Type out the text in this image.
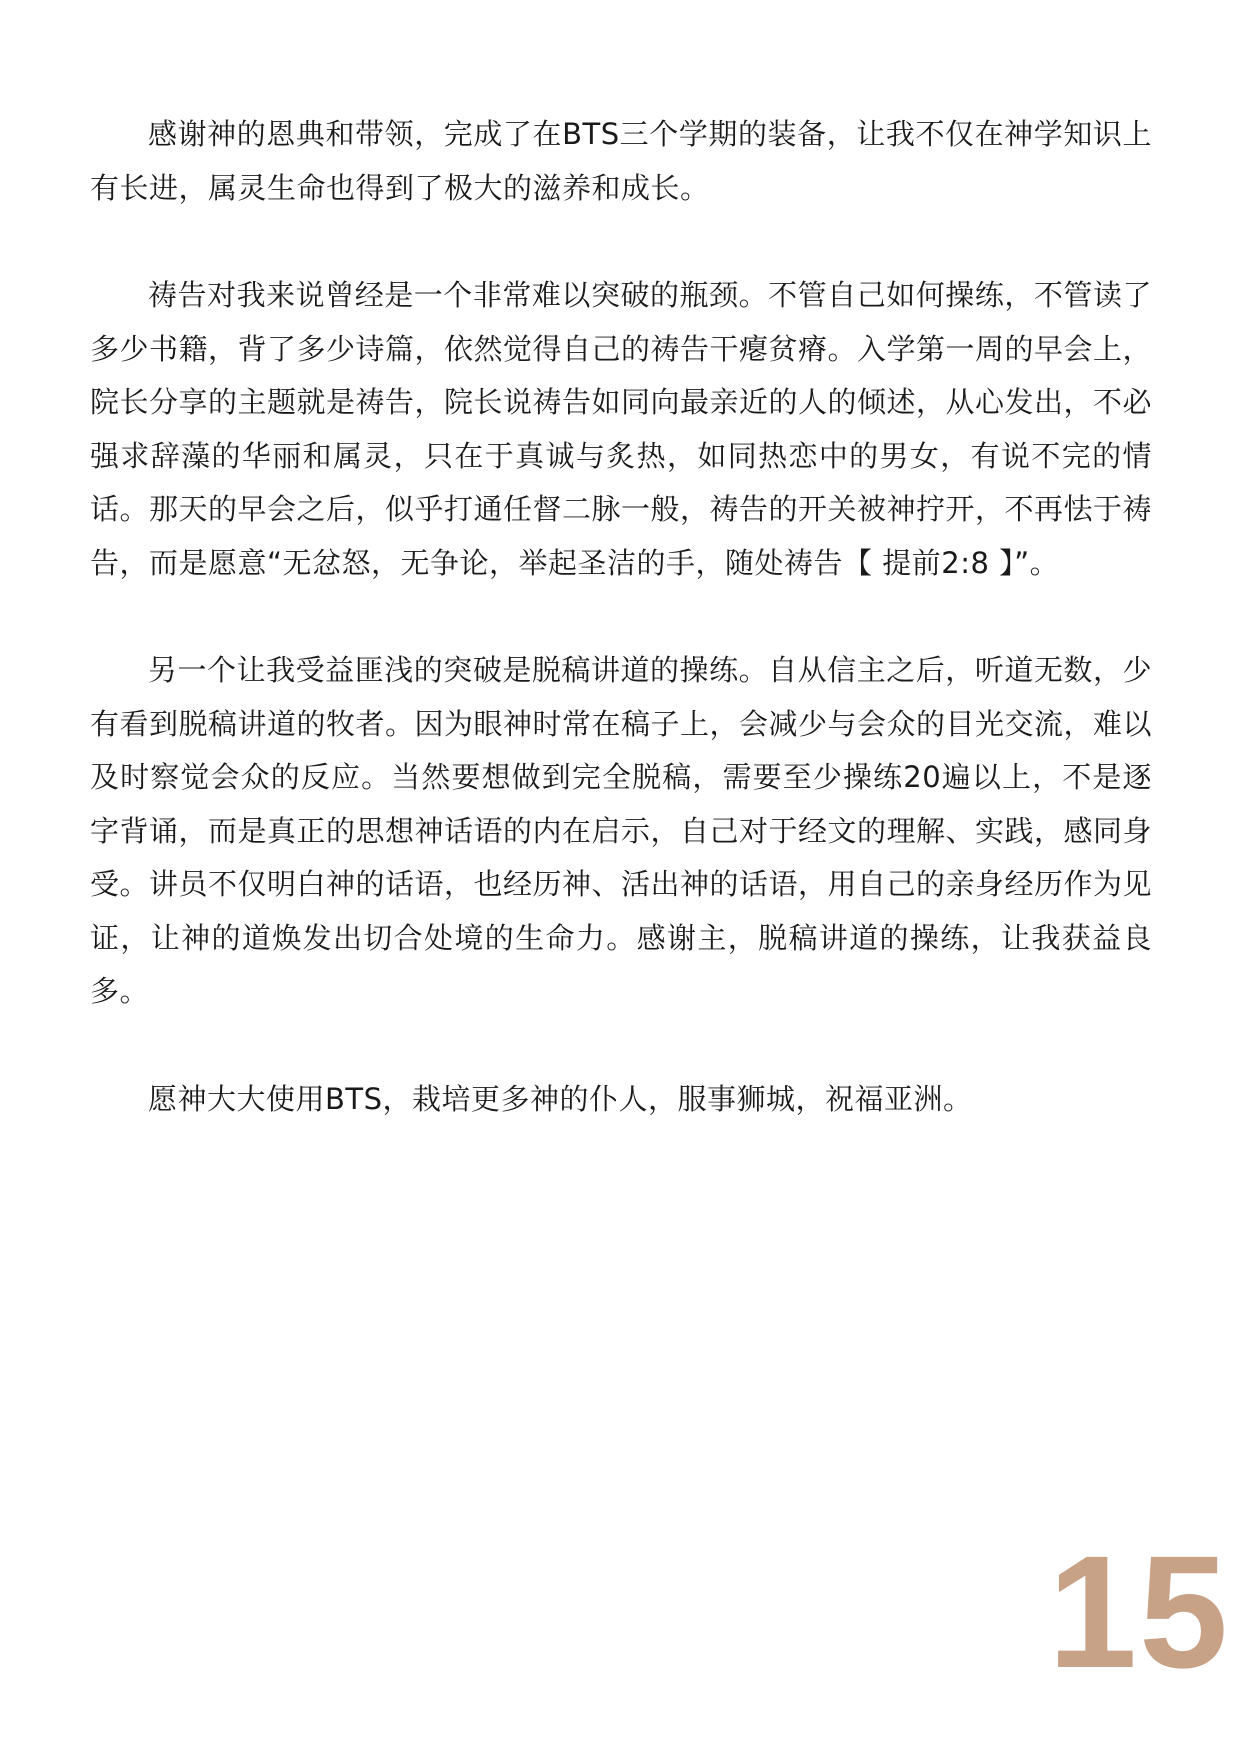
感谢神的恩典和带领，完成了在BTS三个学期的装备，让我不仅在神学知识上有长进，属灵生命也得到了极大的滋养和成长。

祷告对我来说曾经是一个非常难以突破的瓶颈。不管自己如何操练，不管读了多少书籍，背了多少诗篇，依然觉得自己的祷告干瘪贫瘠。入学第一周的早会上，院长分享的主题就是祷告，院长说祷告如同向最亲近的人的倾述，从心发出，不必强求辞藻的华丽和属灵，只在于真诚与炙热，如同热恋中的男女，有说不完的情话。那天的早会之后，似乎打通任督二脉一般，祷告的开关被神拧开，不再怯于祷告，而是愿意“无忿怒，无争论，举起圣洁的手，随处祷告【 提前2:8 】”。

另一个让我受益匪浅的突破是脱稿讲道的操练。自从信主之后，听道无数，少有看到脱稿讲道的牧者。因为眼神时常在稿子上，会减少与会众的目光交流，难以及时察觉会众的反应。当然要想做到完全脱稿，需要至少操练20遍以上，不是逐字背诵，而是真正的思想神话语的内在启示，自己对于经文的理解、实践，感同身受。讲员不仅明白神的话语，也经历神、活出神的话语，用自己的亲身经历作为见证，让神的道焕发出切合处境的生命力。感谢主，脱稿讲道的操练，让我获益良多。

愿神大大使用BTS，栽培更多神的仆人，服事狮城，祝福亚洲。

15
